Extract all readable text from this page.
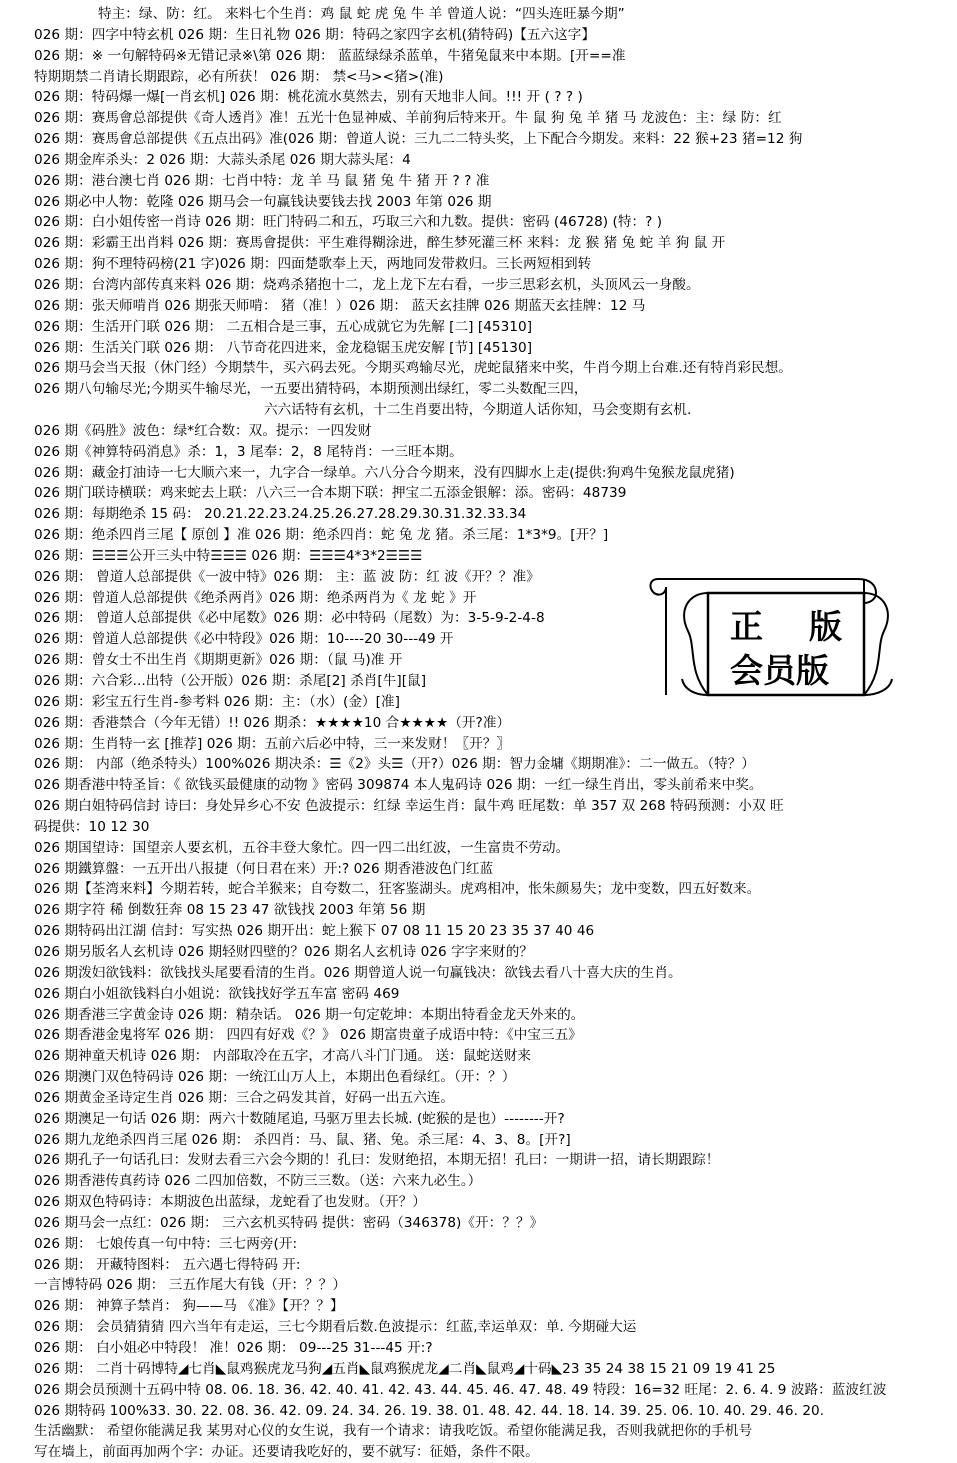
特主：绿、防：红。 来料七个生肖：鸡 鼠 蛇 虎 兔 牛 羊 曾道人说：“四头连旺暴今期”
026 期：四字中特玄机 026 期：生日礼物 026 期：特码之家四字玄机(猜特码)【五六这字】
026 期：※ 一句解特码※无错记录※\第 026 期： 蓝蓝绿绿杀蓝单，牛猪兔鼠来中本期。[开==准
特期期禁二肖请长期跟踪，必有所获！ 026 期： 禁<马><猪>(准)
026 期：特码爆一爆[一肖玄机] 026 期：桃花流水莫然去，别有天地非人间。!!! 开 ( ? ? )
026 期：赛馬會总部提供《奇人透肖》准！五光十色显神威、羊前狗后特来开。牛 鼠 狗 兔 羊 猪 马 龙波色：主：绿 防：红
026 期：赛馬會总部提供《五点出码》准(026 期：曾道人说：三九二二特头奖，上下配合今期发。来料：22 猴+23 猪=12 狗
026 期金库杀头：2 026 期：大蒜头杀尾 026 期大蒜头尾：4
026 期：港台澳七肖 026 期：七肖中特：龙 羊 马 鼠 猪 兔 牛 猪 开 ? ? 准
026 期必中人物：乾隆 026 期马会一句赢钱诀要钱去找 2003 年第 026 期
026 期：白小姐传密一肖诗 026 期：旺门特码二和五，巧取三六和九数。提供：密码 (46728) (特：? )
026 期：彩霸王出肖料 026 期：赛馬會提供：平生难得糊涂进，醉生梦死灌三杯 来料：龙 猴 猪 兔 蛇 羊 狗 鼠 开
026 期：狗不理特码榜(21 字)026 期：四面楚歌奉上天，两地同发带救归。三长两短相到转
026 期：台湾内部传真来料 026 期：烧鸡杀猪抱十二，龙上龙下左右看，一步三思彩玄机，头顶风云一身酸。
026 期：张天师啃肖 026 期张天师啃： 猪（准！）026 期： 蓝天玄挂牌 026 期蓝天玄挂牌：12 马
026 期：生活开门联 026 期： 二五相合是三事，五心成就它为先解 [二] [45310]
026 期：生活关门联 026 期： 八节奇花四进来，金龙稳锯玉虎安解 [节] [45130]
026 期马会当天报（休门经）今期禁牛，买六码去死。今期买鸡输尽光，虎蛇鼠猪来中奖，牛肖今期上台难.还有特肖彩民想。
026 期八句输尽光;今期买牛输尽光，一五要出猜特码，本期预测出绿红，零二头数配三四，
六六话特有玄机，十二生肖要出特，今期道人话你知，马会变期有玄机.
026 期《码胜》波色：绿*红合数：双。提示：一四发财
026 期《神算特码消息》杀：1，3 尾奉：2，8 尾特肖：一三旺本期。
026 期：藏金打油诗一七大顺六来一，九字合一绿单。六八分合今期来，没有四脚水上走(提供:狗鸡牛兔猴龙鼠虎猪)
026 期门联诗横联：鸡来蛇去上联：八六三一合本期下联：押宝二五添金银解：添。密码：48739
026 期：每期绝杀 15 码： 20.21.22.23.24.25.26.27.28.29.30.31.32.33.34
026 期：绝杀四肖三尾【 原创 】准 026 期：绝杀四肖：蛇 兔 龙 猪。杀三尾：1*3*9。[开？]
026 期：☰☰☰公开三头中特☰☰☰ 026 期：☰☰☰4*3*2☰☰☰
026 期： 曾道人总部提供《一波中特》026 期： 主：蓝 波 防：红 波《开？？准》
026 期：曾道人总部提供《绝杀两肖》026 期：绝杀两肖为《 龙 蛇 》开
026 期： 曾道人总部提供《必中尾数》026 期：必中特码（尾数）为：3-5-9-2-4-8
026 期：曾道人总部提供《必中特段》026 期：10----20 30---49 开
026 期：曾女士不出生肖《期期更新》026 期：（鼠 马)准 开
026 期：六合彩...出特（公开版）026 期：杀尾[2] 杀肖[牛][鼠]
026 期：彩宝五行生肖-参考料 026 期：主：（水）(金）[准]
026 期：香港禁合（今年无错）!! 026 期杀：★★★★10 合★★★★（开?准）
026 期：生肖特一玄 [推荐] 026 期：五前六后必中特，三一来发财！〖开？〗
026 期： 内部（绝杀特头）100%026 期决杀：☰《2》头☰（开?）026 期：智力金墉《期期准》：二一做五。（特？）
026 期香港中特圣旨：《 欲钱买最健康的动物 》密码 309874 本人鬼码诗 026 期：一红一绿生肖出，零头前希来中奖。
026 期白姐特码信封 诗曰：身处异乡心不安 色波提示：红绿 幸运生肖：鼠牛鸡 旺尾数：单 357 双 268 特码预测：小双 旺
码提供：10 12 30
026 期国望诗：国望亲人要玄机，五谷丰登大象忙。四一四二出红波，一生富贵不劳动。
026 期鐵算盤：一五开出八报捷（何日君在来）开:? 026 期香港波色门红蓝
026 期【荃湾来料】今期若转，蛇合羊猴来；自夸数二，狂客鉴湖头。虎鸡相冲，怅朱颜易失；龙中变数，四五好数来。
026 期字符 稀 倒数狂奔 08 15 23 47 欲钱找 2003 年第 56 期
026 期特码出江湖 信封：写实热 026 期开出：蛇上猴下 07 08 11 15 20 23 35 37 40 46
026 期另版名人玄机诗 026 期轻财四壁的？026 期名人玄机诗 026 字字来财的？
026 期泼妇欲钱料：欲钱找头尾要看清的生肖。026 期曾道人说一句赢钱决：欲钱去看八十喜大庆的生肖。
026 期白小姐欲钱料白小姐说：欲钱找好学五车富 密码 469
026 期香港三字黄金诗 026 期：精杂话。 026 期一句定乾坤：本期出特看金龙天外来的。
026 期香港金鬼将军 026 期： 四四有好戏《？》 026 期富贵童子成语中特：《中宝三五》
026 期神童天机诗 026 期： 内部取冷在五字，才高八斗门门通。 送：鼠蛇送财来
026 期澳门双色特码诗 026 期：一统江山万人上，本期出色看绿红。（开：？）
026 期黄金圣诗定生肖 026 期：三合之码发其首，好码一出五六连。
026 期澳足一句话 026 期：两六十数随尾追, 马驱万里去长城. (蛇猴的是也）--------开?
026 期九龙绝杀四肖三尾 026 期： 杀四肖：马、鼠、猪、兔。杀三尾：4、3、8。[开?]
026 期孔子一句话孔曰：发财去看三六会今期的！孔曰：发财绝招，本期无招！孔曰：一期讲一招，请长期跟踪！
026 期香港传真药诗 026 二四加倍数，不防三三数。（送：六来九必生。）
026 期双色特码诗：本期波色出蓝绿，龙蛇看了也发财。（开？）
026 期马会一点红：026 期： 三六玄机买特码 提供：密码（346378)《开：？？》
026 期： 七娘传真一句中特：三七两旁(开:
026 期： 开藏特图料： 五六遇七得特码 开:
一言博特码 026 期： 三五作尾大有钱（开：？？）
026 期： 神算子禁肖： 狗——马 《准》【开？？】
026 期： 会员猜猜猜 四六当年有走运，三七今期看后数.色波提示：红蓝,幸运单双：单. 今期碰大运
026 期： 白小姐必中特段！ 准！026 期： 09---25 31---45 开:?
026 期： 二肖十码博特◢七肖◣鼠鸡猴虎龙马狗◢五肖◣鼠鸡猴虎龙◢二肖◣鼠鸡◢十码◣23 35 24 38 15 21 09 19 41 25
026 期会员预测十五码中特 08. 06. 18. 36. 42. 40. 41. 42. 43. 44. 45. 46. 47. 48. 49 特段：16=32 旺尾：2. 6. 4. 9 波路：蓝波红波
026 期特码 100%33. 30. 22. 08. 36. 42. 09. 24. 34. 26. 19. 38. 01. 48. 42. 44. 18. 14. 39. 25. 06. 10. 40. 29. 46. 20.
生活幽默： 希望你能满足我 某男对心仪的女生说，我有一个请求：请我吃饭。希望你能满足我，否则我就把你的手机号
写在墙上，前面再加两个字：办证。还要请我吃好的，要不就写：征婚，条件不限。
正    版
会员版
